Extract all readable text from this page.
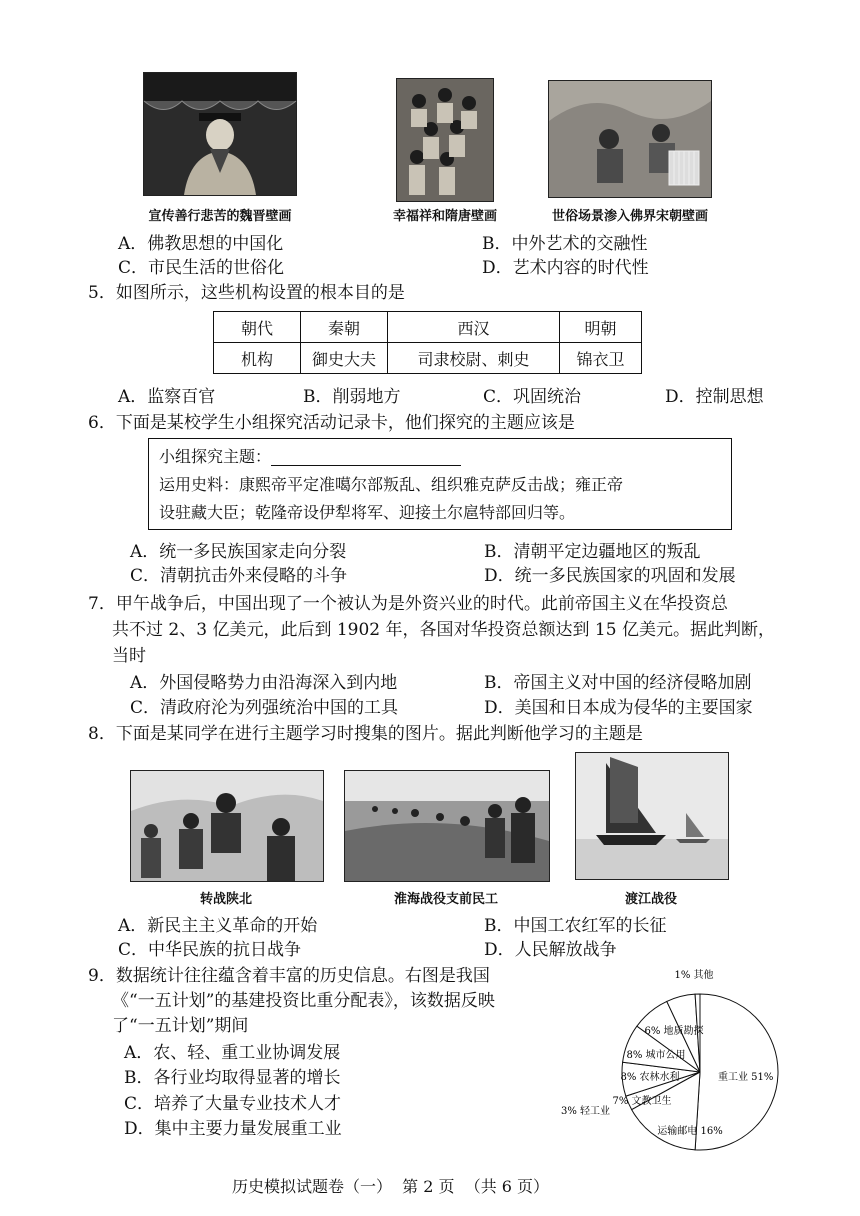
宣传善行悲苦的魏晋壁画	幸福祥和隋唐壁画	世俗场景渗入佛界宋朝壁画
A．佛教思想的中国化	B．中外艺术的交融性
C．市民生活的世俗化	D．艺术内容的时代性
5．如图所示，这些机构设置的根本目的是
朝代	秦朝	西汉	明朝
机构	御史大夫	司隶校尉、刺史	锦衣卫
A．监察百官	B．削弱地方	C．巩固统治	D．控制思想
6．下面是某校学生小组探究活动记录卡，他们探究的主题应该是
小组探究主题：
运用史料：康熙帝平定准噶尔部叛乱、组织雅克萨反击战；雍正帝
设驻藏大臣；乾隆帝设伊犁将军、迎接土尔扈特部回归等。
A．统一多民族国家走向分裂	B．清朝平定边疆地区的叛乱
C．清朝抗击外来侵略的斗争	D．统一多民族国家的巩固和发展
7．甲午战争后，中国出现了一个被认为是外资兴业的时代。此前帝国主义在华投资总
共不过 2、3 亿美元，此后到 1902 年，各国对华投资总额达到 15 亿美元。据此判断，
当时
A．外国侵略势力由沿海深入到内地	B．帝国主义对中国的经济侵略加剧
C．清政府沦为列强统治中国的工具	D．美国和日本成为侵华的主要国家
8．下面是某同学在进行主题学习时搜集的图片。据此判断他学习的主题是
转战陕北	淮海战役支前民工	渡江战役
A．新民主主义革命的开始	B．中国工农红军的长征
C．中华民族的抗日战争	D．人民解放战争
9．数据统计往往蕴含着丰富的历史信息。右图是我国
《“一五计划”的基建投资比重分配表》，该数据反映
了“一五计划”期间
A．农、轻、重工业协调发展
B．各行业均取得显著的增长
C．培养了大量专业技术人才
D．集中主要力量发展重工业
重工业 51%
运输邮电 16%
3% 轻工业
7% 文教卫生
8% 农林水利
8% 城市公用
6% 地质勘探
1% 其他
历史模拟试题卷（一）  第 2 页  （共 6 页）
